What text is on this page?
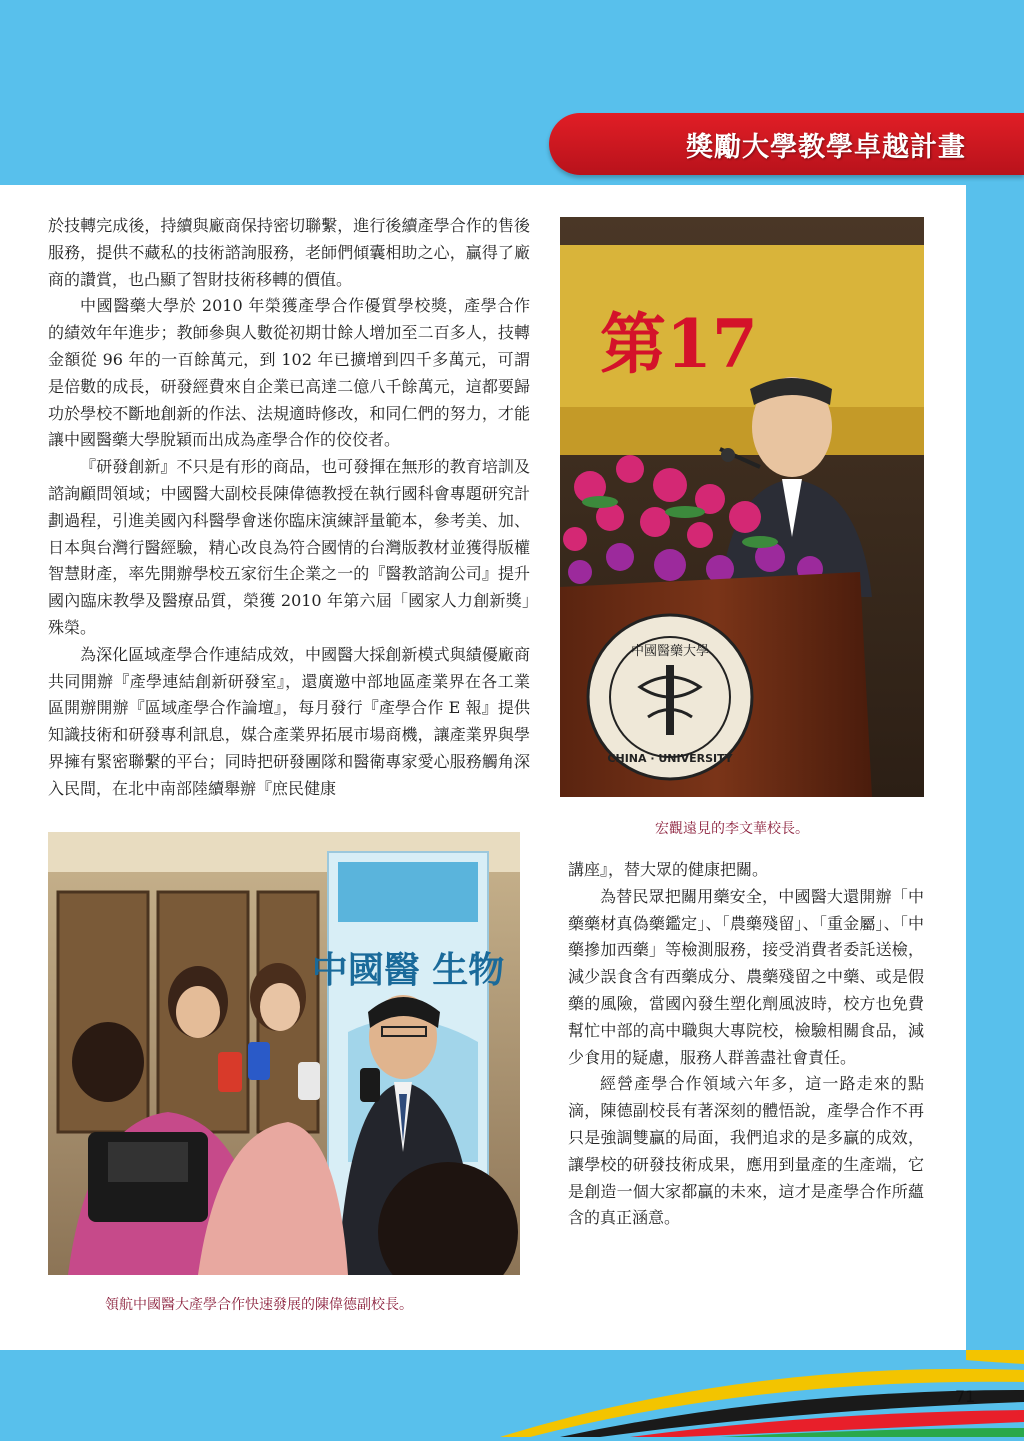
獎勵大學教學卓越計畫

於技轉完成後，持續與廠商保持密切聯繫，進行後續產學合作的售後服務，提供不藏私的技術諮詢服務，老師們傾囊相助之心，贏得了廠商的讚賞，也凸顯了智財技術移轉的價值。

中國醫藥大學於 2010 年榮獲產學合作優質學校獎，產學合作的績效年年進步；教師參與人數從初期廿餘人增加至二百多人，技轉金額從 96 年的一百餘萬元，到 102 年已擴增到四千多萬元，可謂是倍數的成長，研發經費來自企業已高達二億八千餘萬元，這都要歸功於學校不斷地創新的作法、法規適時修改，和同仁們的努力，才能讓中國醫藥大學脫穎而出成為產學合作的佼佼者。

『研發創新』不只是有形的商品，也可發揮在無形的教育培訓及諮詢顧問領域；中國醫大副校長陳偉德教授在執行國科會專題研究計劃過程，引進美國內科醫學會迷你臨床演練評量範本，參考美、加、日本與台灣行醫經驗，精心改良為符合國情的台灣版教材並獲得版權智慧財產，率先開辦學校五家衍生企業之一的『醫教諮詢公司』提升國內臨床教學及醫療品質，榮獲 2010 年第六屆「國家人力創新獎」殊榮。

為深化區域產學合作連結成效，中國醫大採創新模式與績優廠商共同開辦『產學連結創新研發室』，還廣邀中部地區產業界在各工業區開辦開辦『區域產學合作論壇』，每月發行『產學合作 E 報』提供知識技術和研發專利訊息，媒合產業界拓展市場商機，讓產業界與學界擁有緊密聯繫的平台；同時把研發團隊和醫衛專家愛心服務觸角深入民間，在北中南部陸續舉辦『庶民健康

第17
中國醫藥大學
CHINA · UNIVERSITY
宏觀遠見的李文華校長。

講座』，替大眾的健康把關。

為替民眾把關用藥安全，中國醫大還開辦「中藥藥材真偽藥鑑定」、「農藥殘留」、「重金屬」、「中藥摻加西藥」等檢測服務，接受消費者委託送檢，減少誤食含有西藥成分、農藥殘留之中藥、或是假藥的風險，當國內發生塑化劑風波時，校方也免費幫忙中部的高中職與大專院校，檢驗相關食品，減少食用的疑慮，服務人群善盡社會責任。

經營產學合作領域六年多，這一路走來的點滴，陳德副校長有著深刻的體悟說，產學合作不再只是強調雙贏的局面，我們追求的是多贏的成效，讓學校的研發技術成果，應用到量產的生產端，它是創造一個大家都贏的未來，這才是產學合作所蘊含的真正涵意。

中國醫 生物
領航中國醫大產學合作快速發展的陳偉德副校長。
71
